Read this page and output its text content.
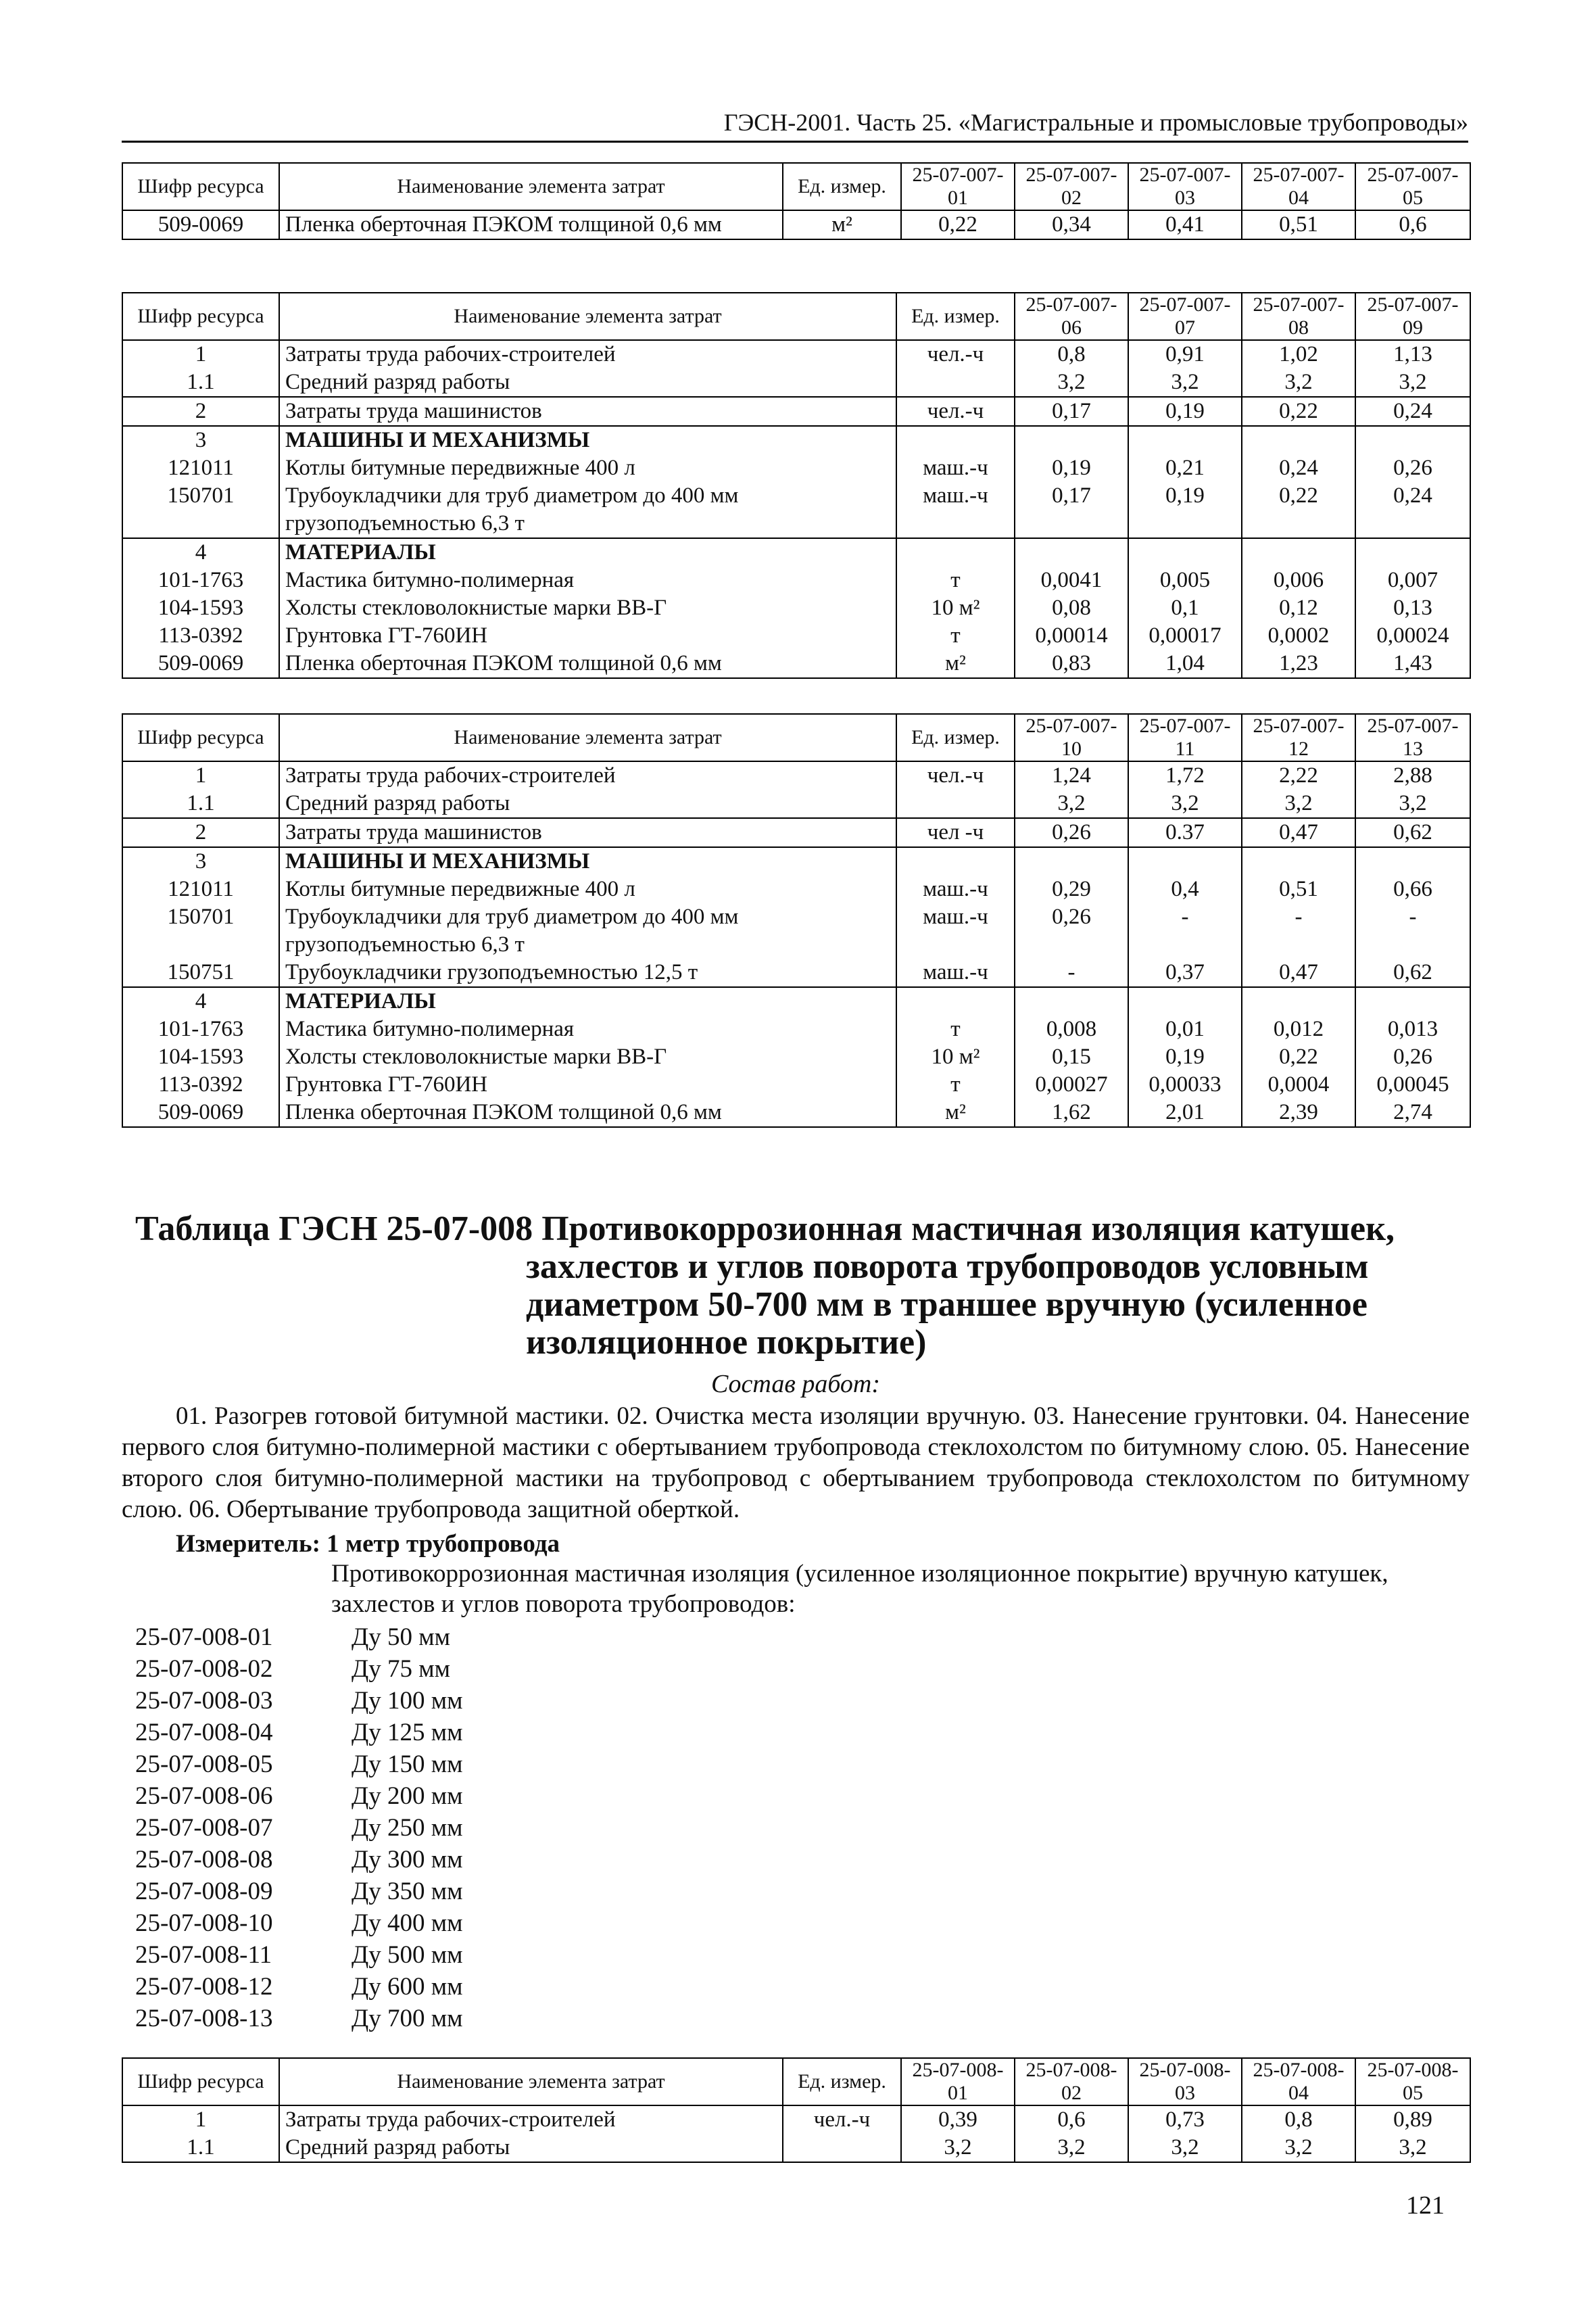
ГЭСН-2001. Часть 25. «Магистральные и промысловые трубопроводы»
Шифр ресурса	Наименование элемента затрат	Ед. измер.	25-07-007-01	25-07-007-02	25-07-007-03	25-07-007-04	25-07-007-05
509-0069	Пленка оберточная ПЭКОМ толщиной 0,6 мм	м²	0,22	0,34	0,41	0,51	0,6
Шифр ресурса	Наименование элемента затрат	Ед. измер.	25-07-007-06	25-07-007-07	25-07-007-08	25-07-007-09
1	Затраты труда рабочих-строителей	чел.-ч	0,8	0,91	1,02	1,13
1.1	Средний разряд работы		3,2	3,2	3,2	3,2
2	Затраты труда машинистов	чел.-ч	0,17	0,19	0,22	0,24
3	МАШИНЫ И МЕХАНИЗМЫ					
121011	Котлы битумные передвижные 400 л	маш.-ч	0,19	0,21	0,24	0,26
150701	Трубоукладчики для труб диаметром до 400 мм грузоподъемностью 6,3 т	маш.-ч	0,17	0,19	0,22	0,24
4	МАТЕРИАЛЫ					
101-1763	Мастика битумно-полимерная	т	0,0041	0,005	0,006	0,007
104-1593	Холсты стекловолокнистые марки ВВ-Г	10 м²	0,08	0,1	0,12	0,13
113-0392	Грунтовка ГТ-760ИН	т	0,00014	0,00017	0,0002	0,00024
509-0069	Пленка оберточная ПЭКОМ толщиной 0,6 мм	м²	0,83	1,04	1,23	1,43
Шифр ресурса	Наименование элемента затрат	Ед. измер.	25-07-007-10	25-07-007-11	25-07-007-12	25-07-007-13
1	Затраты труда рабочих-строителей	чел.-ч	1,24	1,72	2,22	2,88
1.1	Средний разряд работы		3,2	3,2	3,2	3,2
2	Затраты труда машинистов	чел -ч	0,26	0.37	0,47	0,62
3	МАШИНЫ И МЕХАНИЗМЫ					
121011	Котлы битумные передвижные 400 л	маш.-ч	0,29	0,4	0,51	0,66
150701	Трубоукладчики для труб диаметром до 400 мм грузоподъемностью 6,3 т	маш.-ч	0,26	-	-	-
150751	Трубоукладчики грузоподъемностью 12,5 т	маш.-ч	-	0,37	0,47	0,62
4	МАТЕРИАЛЫ					
101-1763	Мастика битумно-полимерная	т	0,008	0,01	0,012	0,013
104-1593	Холсты стекловолокнистые марки ВВ-Г	10 м²	0,15	0,19	0,22	0,26
113-0392	Грунтовка ГТ-760ИН	т	0,00027	0,00033	0,0004	0,00045
509-0069	Пленка оберточная ПЭКОМ толщиной 0,6 мм	м²	1,62	2,01	2,39	2,74
Таблица ГЭСН 25-07-008 Противокоррозионная мастичная изоляция катушек,
захлестов и углов поворота трубопроводов условным
диаметром 50-700 мм в траншее вручную (усиленное
изоляционное покрытие)
Состав работ:
01. Разогрев готовой битумной мастики. 02. Очистка места изоляции вручную. 03. Нанесение грунтовки. 04. Нанесение первого слоя битумно-полимерной мастики с обертыванием трубопровода стеклохолстом по битумному слою. 05. Нанесение второго слоя битумно-полимерной мастики на трубопровод с обертыванием трубопровода стеклохолстом по битумному слою. 06. Обертывание трубопровода защитной оберткой.
Измеритель: 1 метр трубопровода
Противокоррозионная мастичная изоляция (усиленное изоляционное покрытие) вручную катушек, захлестов и углов поворота трубопроводов:
25-07-008-01	Ду 50 мм
25-07-008-02	Ду 75 мм
25-07-008-03	Ду 100 мм
25-07-008-04	Ду 125 мм
25-07-008-05	Ду 150 мм
25-07-008-06	Ду 200 мм
25-07-008-07	Ду 250 мм
25-07-008-08	Ду 300 мм
25-07-008-09	Ду 350 мм
25-07-008-10	Ду 400 мм
25-07-008-11	Ду 500 мм
25-07-008-12	Ду 600 мм
25-07-008-13	Ду 700 мм
Шифр ресурса	Наименование элемента затрат	Ед. измер.	25-07-008-01	25-07-008-02	25-07-008-03	25-07-008-04	25-07-008-05
1	Затраты труда рабочих-строителей	чел.-ч	0,39	0,6	0,73	0,8	0,89
1.1	Средний разряд работы		3,2	3,2	3,2	3,2	3,2
121
